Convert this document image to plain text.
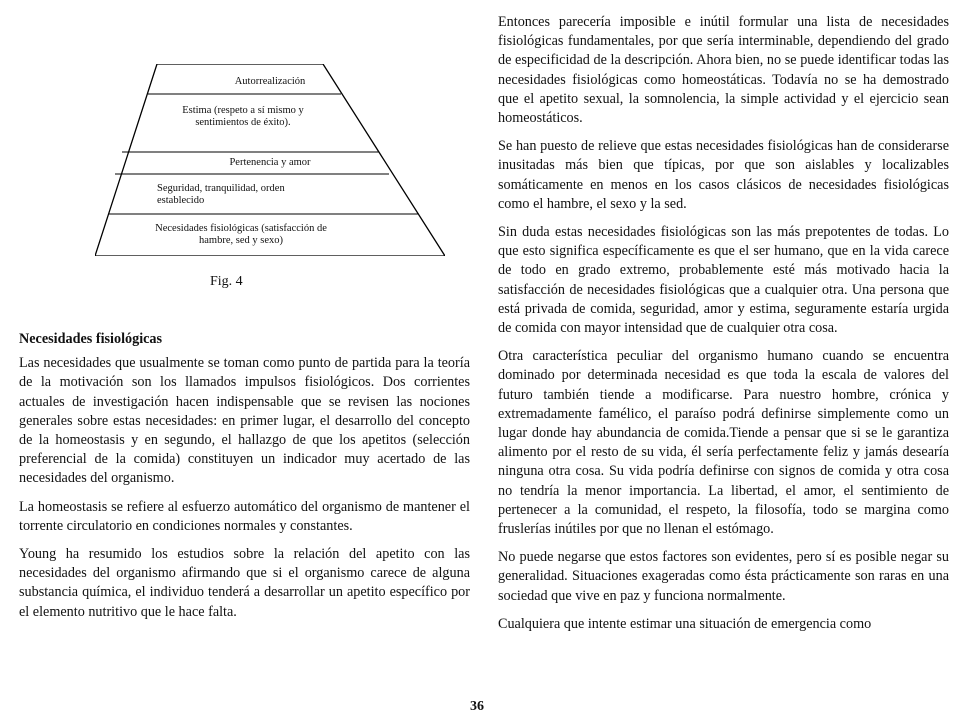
Autorrealización
Estima (respeto a sí mismo y sentimientos de éxito).
Pertenencia y amor
Seguridad, tranquilidad, orden establecido
Necesidades fisiológicas (satisfacción de hambre, sed y sexo)
Fig. 4
Necesidades fisiológicas

Las necesidades que usualmente se toman como punto de partida para la teoría de la motivación son los llamados impulsos fisiológicos. Dos corrientes actuales de investigación hacen indispensable que se revisen las nociones generales sobre estas necesidades: en primer lugar, el desarrollo del concepto de la homeostasis y en segundo, el hallazgo de que los apetitos (selección preferencial de la comida) constituyen un indicador muy acertado de las necesidades del organismo.

La homeostasis se refiere al esfuerzo automático del organismo de mantener el torrente circulatorio en condiciones normales y constantes.

Young ha resumido los estudios sobre la relación del apetito con las necesidades del organismo afirmando que si el organismo carece de alguna substancia química, el individuo tenderá a desarrollar un apetito específico por el elemento nutritivo que le hace falta.

Entonces parecería imposible e inútil formular una lista de necesidades fisiológicas fundamentales, por que sería interminable, dependiendo del grado de especificidad de la descripción. Ahora bien, no se puede identificar todas las necesidades fisiológicas como homeostáticas. Todavía no se ha demostrado que el apetito sexual, la somnolencia, la simple actividad y el ejercicio sean homeostáticos.

Se han puesto de relieve que estas necesidades fisiológicas han de considerarse inusitadas más bien que típicas, por que son aislables y localizables somáticamente en menos en los casos clásicos de necesidades fisiológicas como el hambre, el sexo y la sed.

Sin duda estas necesidades fisiológicas son las más prepotentes de todas. Lo que esto significa específicamente es que el ser humano, que en la vida carece de todo en grado extremo, probablemente esté más motivado hacia la satisfacción de necesidades fisiológicas que a cualquier otra. Una persona que está privada de comida, seguridad, amor y estima, seguramente estaría urgida de comida con mayor intensidad que de cualquier otra cosa.

Otra característica peculiar del organismo humano cuando se encuentra dominado por determinada necesidad es que toda la escala de valores del futuro también tiende a modificarse. Para nuestro hombre, crónica y extremadamente famélico, el paraíso podrá definirse simplemente como un lugar donde hay abundancia de comida.Tiende a pensar que si se le garantiza alimento por el resto de su vida, él sería perfectamente feliz y jamás desearía ninguna otra cosa. Su vida podría definirse con signos de comida y otra cosa no tendría la menor importancia. La libertad, el amor, el sentimiento de pertenecer a la comunidad, el respeto, la filosofía, todo se margina como fruslerías inútiles por que no llenan el estómago.

No puede negarse que estos factores son evidentes, pero sí es posible negar su generalidad. Situaciones exageradas como ésta prácticamente son raras en una sociedad que vive en paz y funciona normalmente.

Cualquiera que intente estimar una situación de emergencia como

36
